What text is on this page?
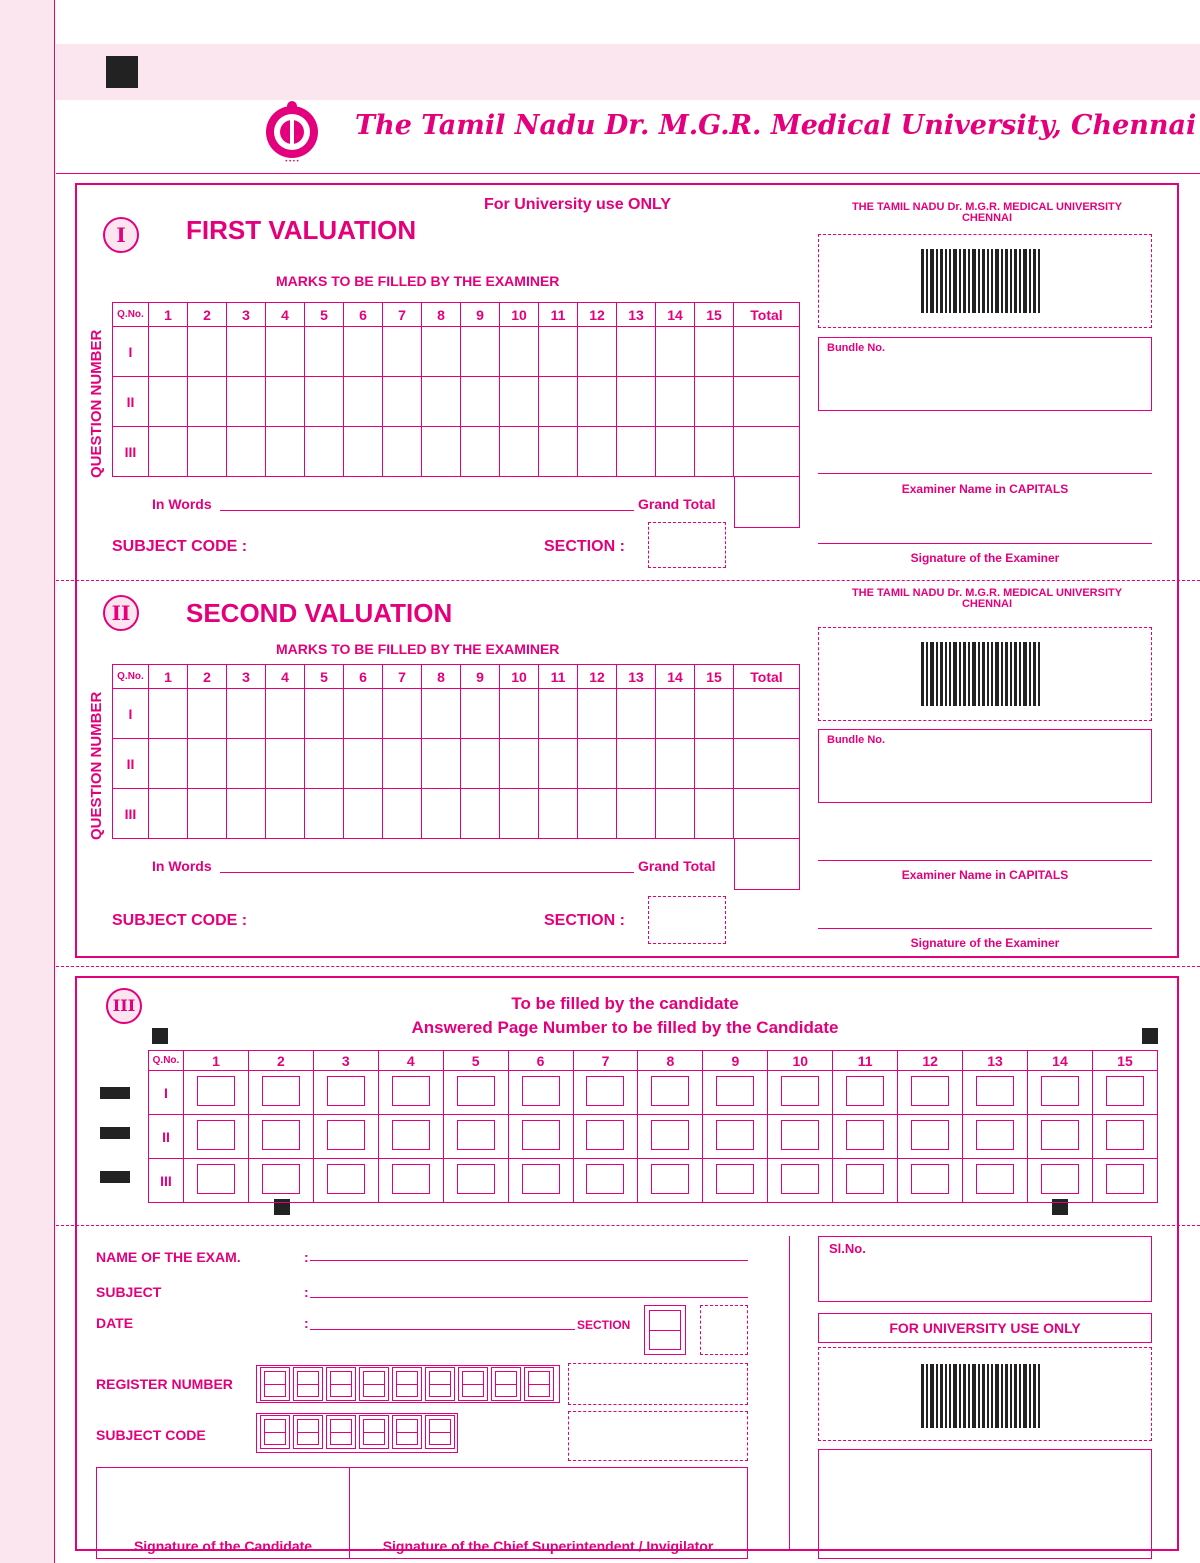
• • • •
The Tamil Nadu Dr. M.G.R. Medical University, Chennai
I	FIRST VALUATION
For University use ONLY
MARKS TO BE FILLED BY THE EXAMINER
QUESTION NUMBER
Q.No.	1	2	3	4	5	6	7	8	9	10	11	12	13	14	15	Total
I																
II																
III																
In Words	Grand Total
SUBJECT CODE :	SECTION :
THE TAMIL NADU Dr. M.G.R. MEDICAL UNIVERSITY
CHENNAI
Bundle No.
Examiner Name in CAPITALS
Signature of the Examiner
II	SECOND VALUATION
MARKS TO BE FILLED BY THE EXAMINER
QUESTION NUMBER
Q.No.	1	2	3	4	5	6	7	8	9	10	11	12	13	14	15	Total
I																
II																
III																
In Words	Grand Total
SUBJECT CODE :	SECTION :
THE TAMIL NADU Dr. M.G.R. MEDICAL UNIVERSITY
CHENNAI
Bundle No.
Examiner Name in CAPITALS
Signature of the Examiner
III	To be filled by the candidate
Answered Page Number to be filled by the Candidate
Q.No.	1	2	3	4	5	6	7	8	9	10	11	12	13	14	15
I															
II															
III															
NAME OF THE EXAM.	:
SUBJECT	:
DATE	:	SECTION
REGISTER NUMBER
SUBJECT CODE
Signature of the Candidate	Signature of the Chief Superintendent / Invigilator
Sl.No.
FOR UNIVERSITY USE ONLY
